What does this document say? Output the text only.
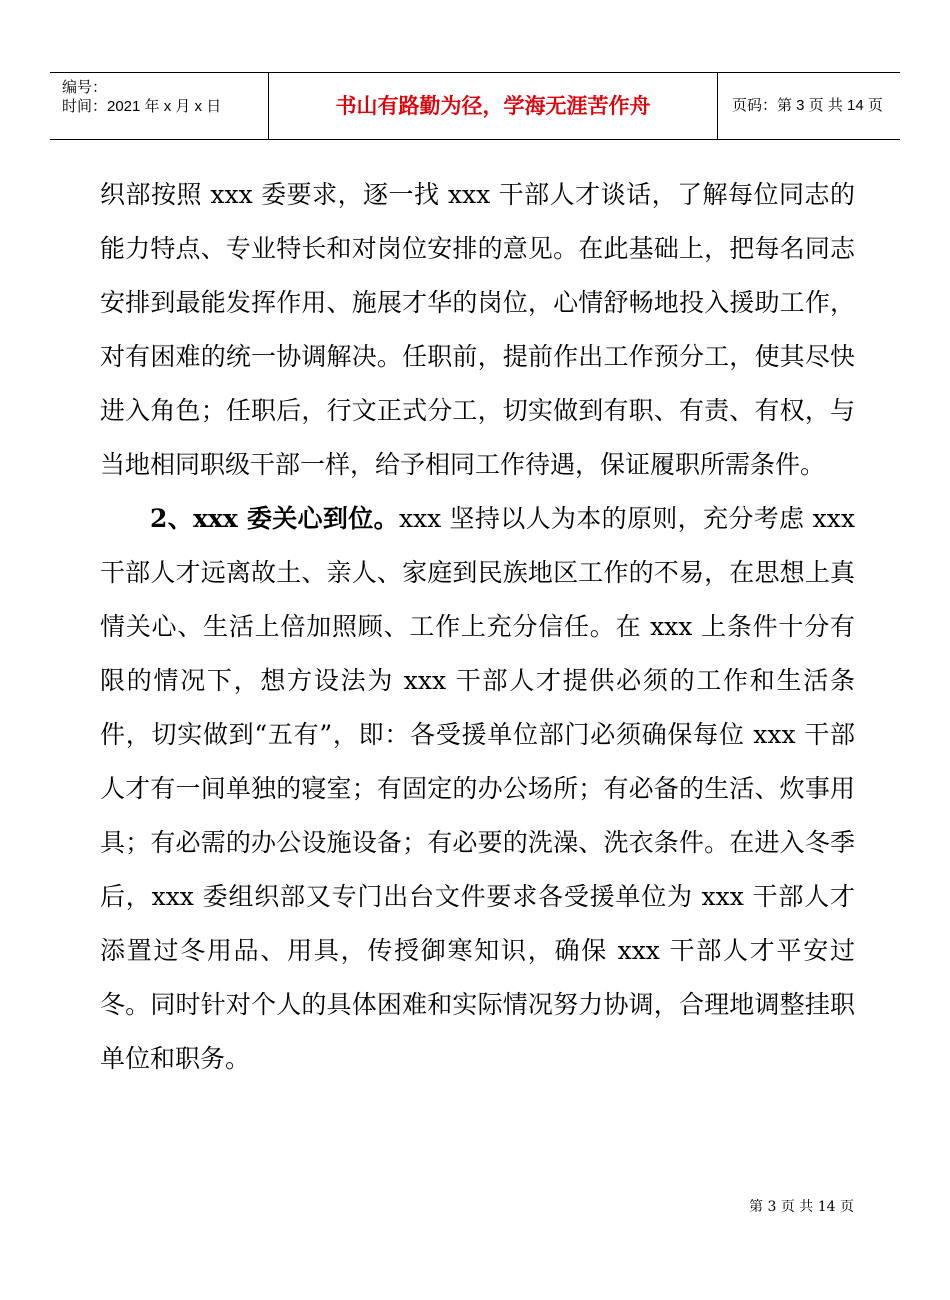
编号：
时间：2021 年 x 月 x 日	书山有路勤为径，学海无涯苦作舟	页码：第 3 页 共 14 页

织部按照 xxx 委要求，逐一找 xxx 干部人才谈话，了解每位同志的能力特点、专业特长和对岗位安排的意见。在此基础上，把每名同志安排到最能发挥作用、施展才华的岗位，心情舒畅地投入援助工作，对有困难的统一协调解决。任职前，提前作出工作预分工，使其尽快进入角色；任职后，行文正式分工，切实做到有职、有责、有权，与当地相同职级干部一样，给予相同工作待遇，保证履职所需条件。

2、xxx 委关心到位。xxx 坚持以人为本的原则，充分考虑 xxx 干部人才远离故土、亲人、家庭到民族地区工作的不易，在思想上真情关心、生活上倍加照顾、工作上充分信任。在 xxx 上条件十分有限的情况下，想方设法为 xxx 干部人才提供必须的工作和生活条件，切实做到“五有”，即：各受援单位部门必须确保每位 xxx 干部人才有一间单独的寝室；有固定的办公场所；有必备的生活、炊事用具；有必需的办公设施设备；有必要的洗澡、洗衣条件。在进入冬季后，xxx 委组织部又专门出台文件要求各受援单位为 xxx 干部人才添置过冬用品、用具，传授御寒知识，确保 xxx 干部人才平安过冬。同时针对个人的具体困难和实际情况努力协调，合理地调整挂职单位和职务。

第 3 页 共 14 页
